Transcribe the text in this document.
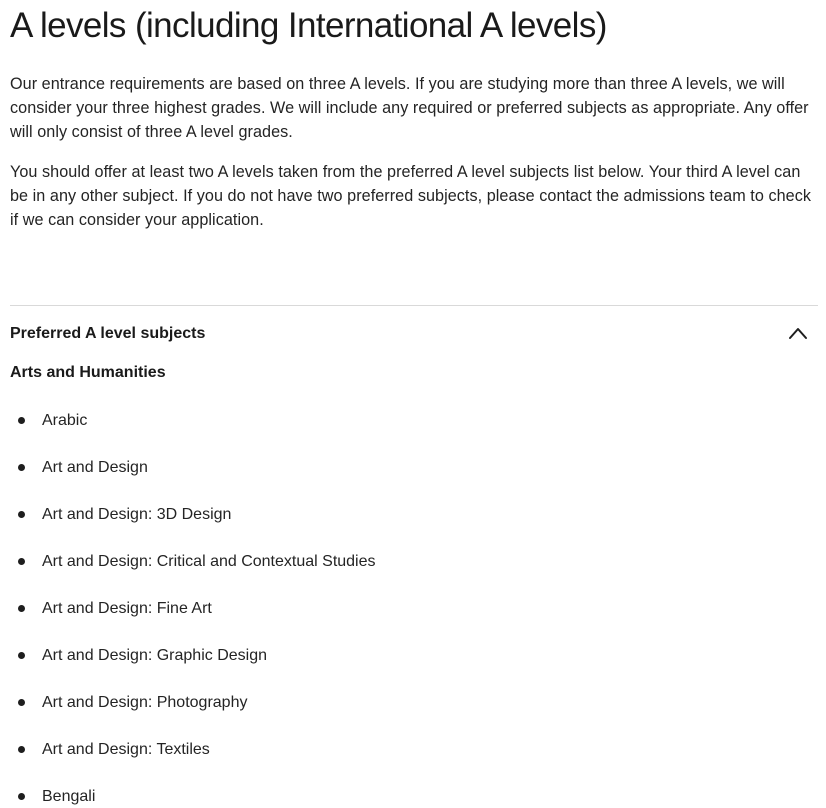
A levels (including International A levels)

Our entrance requirements are based on three A levels. If you are studying more than three A levels, we will consider your three highest grades. We will include any required or preferred subjects as appropriate. Any offer will only consist of three A level grades.

You should offer at least two A levels taken from the preferred A level subjects list below. Your third A level can be in any other subject. If you do not have two preferred subjects, please contact the admissions team to check if we can consider your application.

Preferred A level subjects
Arts and Humanities
Arabic
Art and Design
Art and Design: 3D Design
Art and Design: Critical and Contextual Studies
Art and Design: Fine Art
Art and Design: Graphic Design
Art and Design: Photography
Art and Design: Textiles
Bengali
